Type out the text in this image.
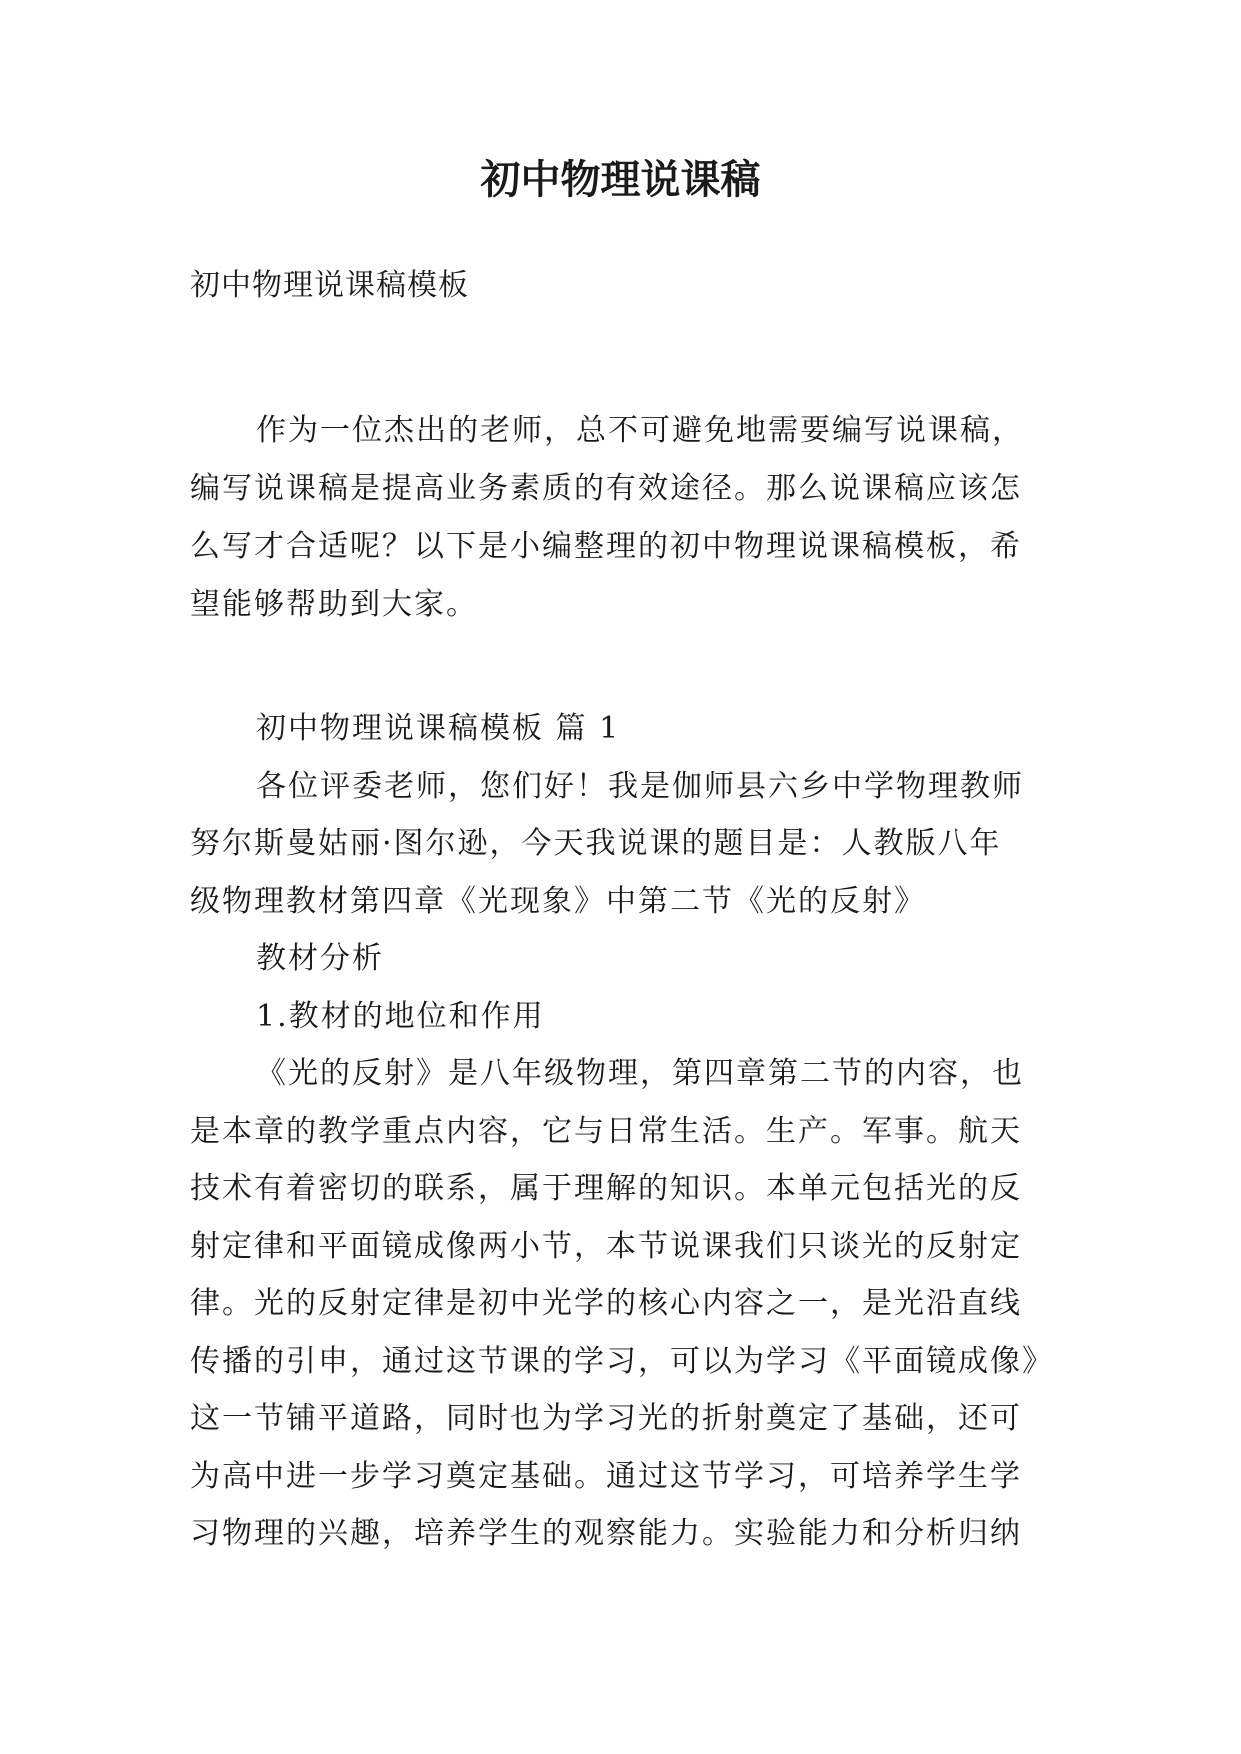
初中物理说课稿

初中物理说课稿模板

作为一位杰出的老师，总不可避免地需要编写说课稿，
编写说课稿是提高业务素质的有效途径。那么说课稿应该怎
么写才合适呢？以下是小编整理的初中物理说课稿模板，希
望能够帮助到大家。
初中物理说课稿模板 篇 1
各位评委老师，您们好！我是伽师县六乡中学物理教师
努尔斯曼姑丽·图尔逊，今天我说课的题目是：人教版八年
级物理教材第四章《光现象》中第二节《光的反射》
教材分析
1.教材的地位和作用
《光的反射》是八年级物理，第四章第二节的内容，也
是本章的教学重点内容，它与日常生活。生产。军事。航天
技术有着密切的联系，属于理解的知识。本单元包括光的反
射定律和平面镜成像两小节，本节说课我们只谈光的反射定
律。光的反射定律是初中光学的核心内容之一，是光沿直线
传播的引申，通过这节课的学习，可以为学习《平面镜成像》
这一节铺平道路，同时也为学习光的折射奠定了基础，还可
为高中进一步学习奠定基础。通过这节学习，可培养学生学
习物理的兴趣，培养学生的观察能力。实验能力和分析归纳
